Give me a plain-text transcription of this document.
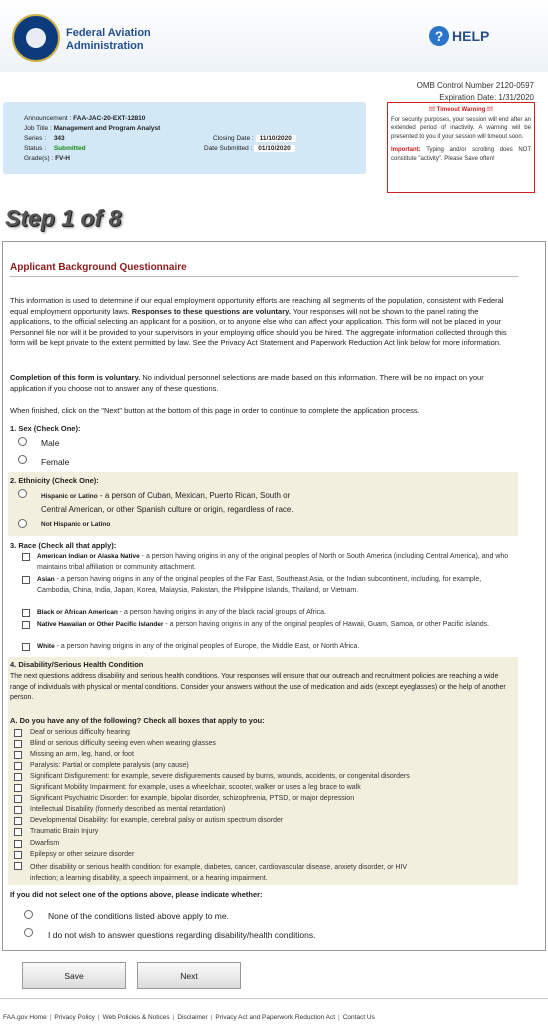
Federal Aviation
Administration
? HELP
OMB Control Number 2120-0597
Expiration Date: 1/31/2020
Announcement : FAA-JAC-20-EXT-12810
Job Title : Management and Program Analyst
Series : 343
Status : Submitted
Grade(s) : FV-H
Closing Date : 11/10/2020
Date Submitted : 01/10/2020
!!! Timeout Warning !!!
For security purposes, your session will end after an extended period of inactivity. A warning will be presented to you if your session will timeout soon.
Important: Typing and/or scrolling does NOT constitute "activity". Please Save often!
Step 1 of 8
Applicant Background Questionnaire
This information is used to determine if our equal employment opportunity efforts are reaching all segments of the population, consistent with Federal equal employment opportunity laws. Responses to these questions are voluntary. Your responses will not be shown to the panel rating the applications, to the official selecting an applicant for a position, or to anyone else who can affect your application. This form will not be placed in your Personnel file nor will it be provided to your supervisors in your employing office should you be hired. The aggregate information collected through this form will be kept private to the extent permitted by law. See the Privacy Act Statement and Paperwork Reduction Act link below for more information.
Completion of this form is voluntary. No individual personnel selections are made based on this information. There will be no impact on your application if you choose not to answer any of these questions.
When finished, click on the "Next" button at the bottom of this page in order to continue to complete the application process.
1. Sex (Check One):
Male
Female
2. Ethnicity (Check One):
Hispanic or Latino - a person of Cuban, Mexican, Puerto Rican, South or
Central American, or other Spanish culture or origin, regardless of race.
Not Hispanic or Latino
3. Race (Check all that apply):
American Indian or Alaska Native - a person having origins in any of the original peoples of North or South America (including Central America), and who maintains tribal affiliation or community attachment.
Asian - a person having origins in any of the original peoples of the Far East, Southeast Asia, or the Indian subcontinent, including, for example, Cambodia, China, India, Japan, Korea, Malaysia, Pakistan, the Philippine Islands, Thailand, or Vietnam.
Black or African American - a person having origins in any of the black racial groups of Africa.
Native Hawaiian or Other Pacific Islander - a person having origins in any of the original peoples of Hawaii, Guam, Samoa, or other Pacific islands.
White - a person having origins in any of the original peoples of Europe, the Middle East, or North Africa.
4. Disability/Serious Health Condition
The next questions address disability and serious health conditions. Your responses will ensure that our outreach and recruitment policies are reaching a wide range of individuals with physical or mental conditions. Consider your answers without the use of medication and aids (except eyeglasses) or the help of another person.
A. Do you have any of the following? Check all boxes that apply to you:
Deaf or serious difficulty hearing
Blind or serious difficulty seeing even when wearing glasses
Missing an arm, leg, hand, or foot
Paralysis: Partial or complete paralysis (any cause)
Significant Disfigurement: for example, severe disfigurements caused by burns, wounds, accidents, or congenital disorders
Significant Mobility Impairment: for example, uses a wheelchair, scooter, walker or uses a leg brace to walk
Significant Psychiatric Disorder: for example, bipolar disorder, schizophrenia, PTSD, or major depression
Intellectual Disability (formerly described as mental retardation)
Developmental Disability: for example, cerebral palsy or autism spectrum disorder
Traumatic Brain Injury
Dwarfism
Epilepsy or other seizure disorder
Other disability or serious health condition: for example, diabetes, cancer, cardiovascular disease, anxiety disorder, or HIV
infection; a learning disability, a speech impairment, or a hearing impairment.
If you did not select one of the options above, please indicate whether:
None of the conditions listed above apply to me.
I do not wish to answer questions regarding disability/health conditions.
Save	Next
FAA.gov Home | Privacy Policy | Web Policies & Notices | Disclaimer | Privacy Act and Paperwork Reduction Act | Contact Us
